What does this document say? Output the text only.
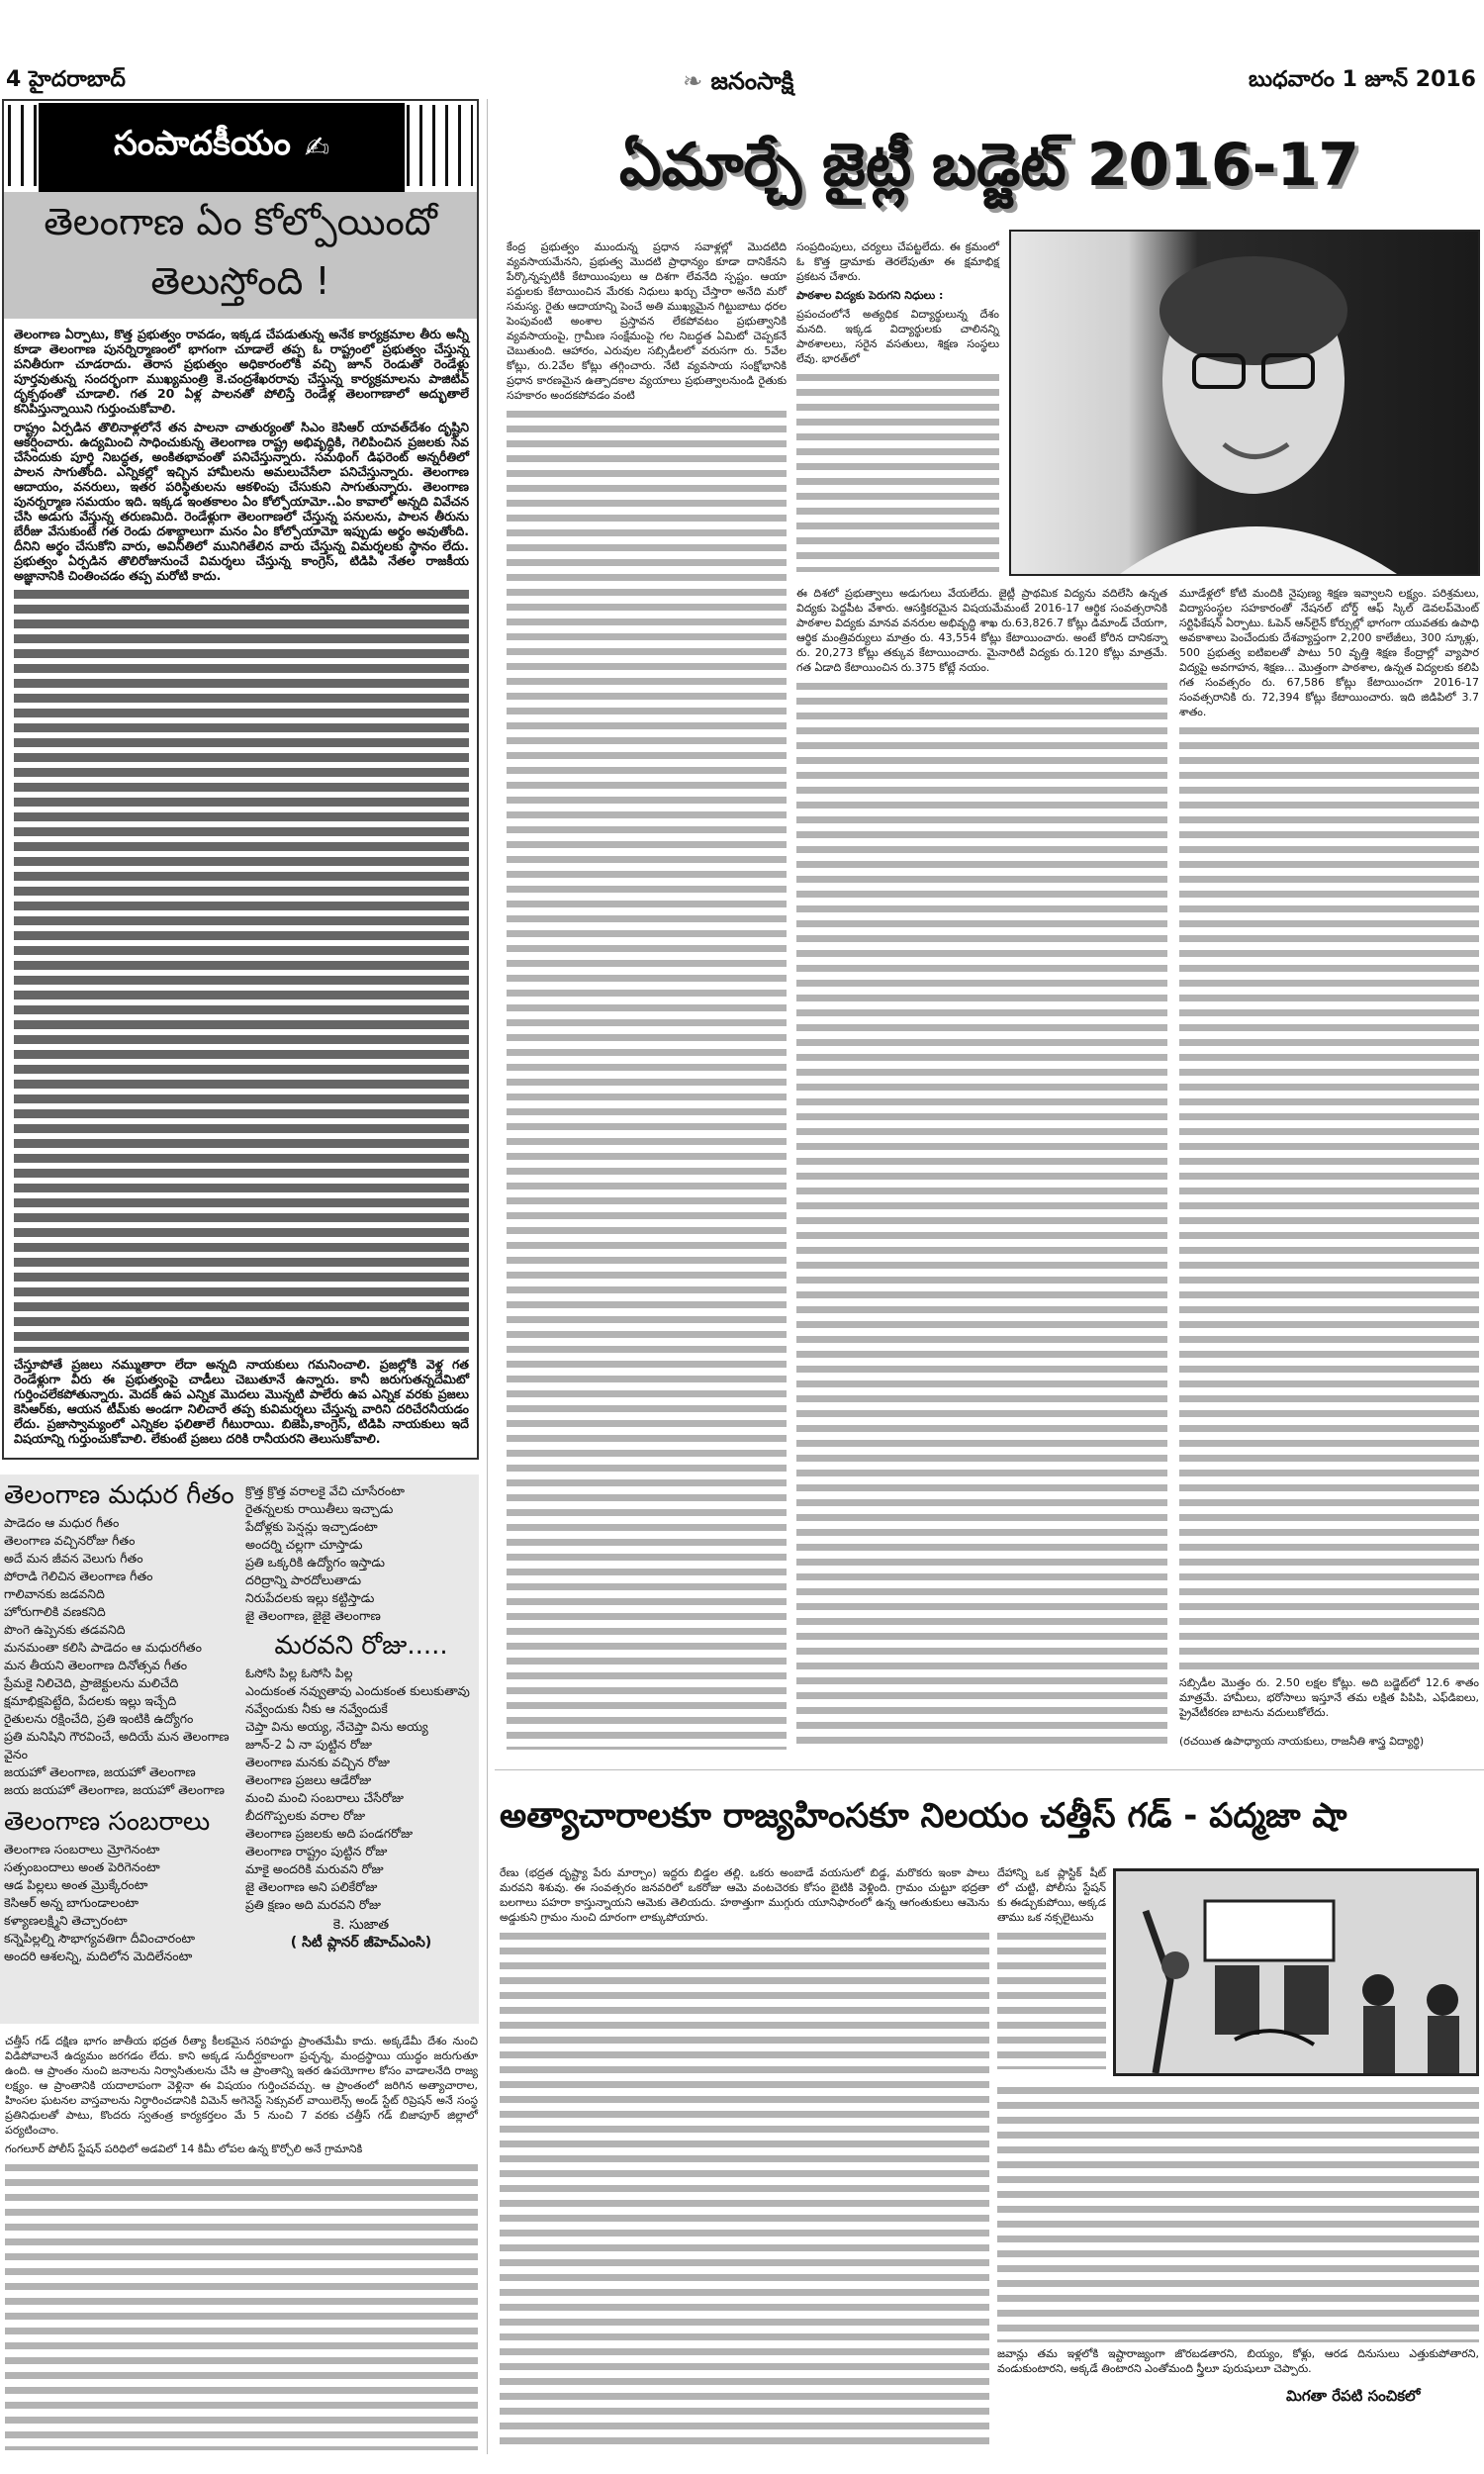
4 హైదరాబాద్	❧ జనంసాక్షి	బుధవారం 1 జూన్ 2016
సంపాదకీయం ✍
తెలంగాణ ఏం కోల్పోయిందో
తెలుస్తోంది !

తెలంగాణ ఏర్పాటు, కొత్త ప్రభుత్వం రావడం, ఇక్కడ చేపడుతున్న అనేక కార్యక్రమాల తీరు అన్నీ కూడా తెలంగాణ పునర్నిర్మాణంలో భాగంగా చూడాలే తప్ప ఓ రాష్ట్రంలో ప్రభుత్వం చేస్తున్న పనితీరుగా చూడరాదు. తెరాస ప్రభుత్వం అధికారంలోకి వచ్చి జూన్ రెండుతో రెండేళ్లు పూర్తవుతున్న సందర్భంగా ముఖ్యమంత్రి కె.చంద్రశేఖరరావు చేస్తున్న కార్యక్రమాలను పాజిటివ్ దృక్పథంతో చూడాలి. గత 20 ఏళ్ల పాలనతో పోలిస్తే రెండేళ్ల తెలంగాణాలో అద్భుతాలే కనిపిస్తున్నాయిని గుర్తుంచుకోవాలి.

రాష్ట్రం ఏర్పడిన తొలినాళ్లలోనే తన పాలనా చాతుర్యంతో సిఎం కెసిఆర్ యావత్‌దేశం దృష్టిని ఆకర్షించారు. ఉద్యమించి సాధించుకున్న తెలంగాణ రాష్ట్ర అభివృద్ధికి, గెలిపించిన ప్రజలకు సేవ చేసేందుకు పూర్తి నిబద్ధత, అంకితభావంతో పనిచేస్తున్నారు. సమథింగ్ డిఫరెంట్ అన్నరీతిలో పాలన సాగుతోంది. ఎన్నికల్లో ఇచ్చిన హామీలను అమలుచేసేలా పనిచేస్తున్నారు. తెలంగాణ ఆదాయం, వనరులు, ఇతర పరిస్థితులను ఆకళింపు చేసుకుని సాగుతున్నారు. తెలంగాణ పునర్నర్మాణ సమయం ఇది. ఇక్కడ ఇంతకాలం ఏం కోల్పోయామో..ఏం కావాలో అన్నది వివేచన చేసి అడుగు వేస్తున్న తరుణమిది. రెండేళ్లుగా తెలంగాణలో చేస్తున్న పనులను, పాలన తీరును బేరీజు వేసుకుంటే గత రెండు దశాబ్దాలుగా మనం ఏం కోల్పోయామో ఇప్పుడు అర్థం అవుతోంది. దీనిని అర్థం చేసుకోని వారు, అవినీతిలో మునిగితేలిన వారు చేస్తున్న విమర్శలకు స్థానం లేదు. ప్రభుత్వం ఏర్పడిన తొలిరోజునుంచే విమర్శలు చేస్తున్న కాంగ్రెస్, టిడిపి నేతల రాజకీయ అజ్ఞానానికి చింతించడం తప్ప మరోటి కాదు.

చేస్తూపోతే ప్రజలు నమ్ముతారా లేదా అన్నది నాయకులు గమనించాలి. ప్రజల్లోకి వెళ్ల గత రెండేళ్లుగా వీరు ఈ ప్రభుత్వంపై చాడీలు చెబుతూనే ఉన్నారు. కానీ జరుగుతన్నదేమిటో గుర్తించలేకపోతున్నారు. మెదక్ ఉప ఎన్నిక మొదలు మొన్నటి పాలేరు ఉప ఎన్నిక వరకు ప్రజలు కెసిఆర్‌కు, ఆయన టీమ్‌కు అండగా నిలిచారే తప్ప కువిమర్శలు చేస్తున్న వారిని దరిచేరనీయడం లేదు. ప్రజాస్వామ్యంలో ఎన్నికల ఫలితాలే గీటురాయి. బిజెపి,కాంగ్రెస్, టిడిపి నాయకులు ఇదే విషయాన్ని గుర్తుంచుకోవాలి. లేకుంటే ప్రజలు దరికి రానీయరని తెలుసుకోవాలి.

తెలంగాణ మధుర గీతం
పాడెదం ఆ మధుర గీతం
తెలంగాణ వచ్చినరోజు గీతం
అదే మన జీవన వెలుగు గీతం
పోరాడి గెలిచిన తెలంగాణ గీతం
గాలివానకు జడవనిది
హోరుగాలికి వణకనిది
పొంగె ఉప్పెనకు తడవనిది
మనమంతా కలిసి పాడెదం ఆ మధురగీతం
మన తీయని తెలంగాణ దినోత్సవ గీతం
ప్రేమకై నిలిచెది, ప్రాజెక్టులను మలిచేది
క్షమాభిక్షపెట్టేది, పేదలకు ఇల్లు ఇచ్చేది
రైతులను రక్షించేది, ప్రతి ఇంటికి ఉద్యోగం
ప్రతి మనిషిని గౌరవించే, అదియే మన తెలంగాణ వైనం
జయహో తెలంగాణ, జయహో తెలంగాణ
జయ జయహో తెలంగాణ, జయహో తెలంగాణ
తెలంగాణ సంబరాలు
తెలంగాణ సంబరాలు మ్రోగెనంటా
సత్సంబందాలు అంత పెరిగెనంటా
ఆడ పిల్లలు అంత మ్రొక్కేరంటా
కెసిఆర్ అన్న బాగుండాలంటా
కళ్యాణలక్ష్మిని తెచ్చారంటా
కన్నెపిల్లల్ని సౌభాగ్యవతిగా దీవించారంటా
అందరి ఆశలన్ని, మదిలోన మెదిలేనంటా
క్రొత్త క్రొత్త వరాలకై వేచి చూసేరంటా
రైతన్నలకు రాయితీలు ఇచ్చాడు
పేదోళ్లకు పెన్షన్లు ఇచ్చాడంటా
అందర్ని చల్లగా చూస్తాడు
ప్రతి ఒక్కరికి ఉద్యోగం ఇస్తాడు
దరిద్రాన్ని పారదోలుతాడు
నిరుపేదలకు ఇల్లు కట్టిస్తాడు
జై తెలంగాణ, జైజై తెలంగాణ
మరవని రోజు.....
ఓసోసి పిల్ల ఓసోసి పిల్ల
ఎందుకంత నవ్వుతావు ఎందుకంత కులుకుతావు
నవ్వేందుకు నీకు ఆ నవ్వేందుకే
చెప్తా విను అయ్య, నేచెప్తా విను అయ్య
జూన్-2 ఏ నా పుట్టిన రోజు
తెలంగాణ మనకు వచ్చిన రోజు
తెలంగాణ ప్రజలు ఆడేరోజు
మంచి మంచి సంబరాలు చేసేరోజు
బీదగొప్పలకు వరాల రోజు
తెలంగాణ ప్రజలకు అది పండగరోజు
తెలంగాణ రాష్ట్రం పుట్టిన రోజు
మాకై అందరికి మరువని రోజు
జై తెలంగాణ అని పలికేరోజు
ప్రతి క్షణం అది మరవని రోజు
కె. సుజాత
( సిటీ ప్లానర్ జీహెచ్ఎంసి)
ఏమార్చే జైట్లీ బడ్జెట్ 2016-17

కేంద్ర ప్రభుత్వం ముందున్న ప్రధాన సవాళ్లల్లో మొదటిది వ్యవసాయమేనని, ప్రభుత్వ మొదటి ప్రాధాన్యం కూడా దానికేనని పేర్కొన్నప్పటికీ కేటాయింపులు ఆ దిశగా లేవనేది స్పష్టం. ఆయా పద్దులకు కేటాయించిన మేరకు నిధులు ఖర్చు చేస్తారా అనేది మరో సమస్య. రైతు ఆదాయాన్ని పెంచే అతి ముఖ్యమైన గిట్టుబాటు ధరల పెంపువంటి అంశాల ప్రస్తావన లేకపోవటం ప్రభుత్వానికి వ్యవసాయంపై, గ్రామీణ సంక్షేమంపై గల నిబద్ధత ఏమిటో చెప్పకనే చెబుతుంది. ఆహారం, ఎరువుల సబ్సిడీలలో వరుసగా రు. 5వేల కోట్లు, రు.2వేల కోట్లు తగ్గించారు. నేటి వ్యవసాయ సంక్షోభానికి ప్రధాన కారణమైన ఉత్పాదకాల వ్యయాలు ప్రభుత్వాలనుండి రైతుకు సహకారం అందకపోవడం వంటి

సంప్రదింపులు, చర్యలు చేపట్టలేదు. ఈ క్రమంలో ఓ కొత్త డ్రామాకు తెరలేపుతూ ఈ క్షమాభిక్ష ప్రకటన చేశారు.

పాఠశాల విద్యకు పెరుగని నిధులు :

ప్రపంచంలోనే అత్యధిక విద్యార్థులున్న దేశం మనది. ఇక్కడ విద్యార్థులకు చాలినన్ని పాఠశాలలు, సరైన వసతులు, శిక్షణ సంస్థలు లేవు. భారత్‌లో

ఈ దిశలో ప్రభుత్వాలు అడుగులు వేయలేదు. జైట్లీ ప్రాథమిక విద్యను వదిలేసి ఉన్నత విద్యకు పెద్దపీట వేశారు. ఆసక్తికరమైన విషయమేమంటే 2016-17 ఆర్థిక సంవత్సరానికి పాఠశాల విద్యకు మానవ వనరుల అభివృద్ధి శాఖ రు.63,826.7 కోట్లు డిమాండ్ చేయగా, ఆర్థిక మంత్రివర్యులు మాత్రం రు. 43,554 కోట్లు కేటాయించారు. అంటే కోరిన దానికన్నా రు. 20,273 కోట్లు తక్కువ కేటాయించారు. మైనారిటీ విద్యకు రు.120 కోట్లు మాత్రమే. గత ఏడాది కేటాయించిన రు.375 కోట్లే నయం.

మూడేళ్లలో కోటి మందికి నైపుణ్య శిక్షణ ఇవ్వాలని లక్ష్యం. పరిశ్రమలు, విద్యాసంస్థల సహకారంతో నేషనల్ బోర్డ్ ఆఫ్ స్కిల్ డెవలప్‌మెంట్ సర్టిఫికేషన్ ఏర్పాటు. ఓపెన్ ఆన్‌లైన్ కోర్సుల్లో భాగంగా యువతకు ఉపాధి అవకాశాలు పెంచేందుకు దేశవ్యాప్తంగా 2,200 కాలేజీలు, 300 స్కూళ్లు, 500 ప్రభుత్వ ఐటిఐలతో పాటు 50 వృత్తి శిక్షణ కేంద్రాల్లో వ్యాపార విద్యపై అవగాహన, శిక్షణ... మొత్తంగా పాఠశాల, ఉన్నత విద్యలకు కలిపి గత సంవత్సరం రు. 67,586 కోట్లు కేటాయించగా 2016-17 సంవత్సరానికి రు. 72,394 కోట్లు కేటాయించారు. ఇది జిడిపిలో 3.7 శాతం.

సబ్సిడీల మొత్తం రు. 2.50 లక్షల కోట్లు. అది బడ్జెట్‌లో 12.6 శాతం మాత్రమే. హామీలు, భరోసాలు ఇస్తూనే తమ లక్షిత పిపిపి, ఎఫ్‌డిఐలు, ప్రైవేటీకరణ బాటను వదులుకోలేదు.

(రచయిత ఉపాధ్యాయ నాయకులు, రాజనీతి శాస్త్ర విద్యార్థి)
అత్యాచారాలకూ రాజ్యహింసకూ నిలయం చత్తీస్ గడ్ - పద్మజా షా

చత్తీస్ గడ్ దక్షిణ భాగం జాతీయ భద్రత రీత్యా కీలకమైన సరిహద్దు ప్రాంతమేమీ కాదు. అక్కడేమీ దేశం నుంచి విడిపోవాలనే ఉద్యమం జరగడం లేదు. కాని అక్కడ సుదీర్ఘకాలంగా ప్రచ్ఛన్న, మంద్రస్థాయి యుద్ధం జరుగుతూ ఉంది. ఆ ప్రాంతం నుంచి జనాలను నిర్వాసితులను చేసి ఆ ప్రాంతాన్ని ఇతర ఉపయోగాల కోసం వాడాలనేది రాజ్య లక్ష్యం. ఆ ప్రాంతానికి యదాలాపంగా వెళ్లినా ఈ విషయం గుర్తించవచ్చు. ఆ ప్రాంతంలో జరిగిన అత్యాచారాల, హింసల ఘటనల వాస్తవాలను నిర్ధారించడానికి విమెన్ అగెనెస్ట్ సెక్సువల్ వాయిలెన్స్ అండ్ స్టేట్ రిప్రెషన్ అనే సంస్థ ప్రతినిధులతో పాటు, కొందరు స్వతంత్ర కార్యకర్తలం మే 5 నుంచి 7 వరకు చత్తీస్ గడ్ బిజాపూర్ జిల్లాలో పర్యటించాం.

గంగలూర్ పోలీస్ స్టేషన్ పరిధిలో అడవిలో 14 కిమీ లోపల ఉన్న కొర్చోలి అనే గ్రామానికి

రేణు (భద్రత దృష్ట్యా పేరు మార్చాం) ఇద్దరు బిడ్డల తల్లి. ఒకరు అంబాడే వయసులో బిడ్డ, మరొకరు ఇంకా పాలు మరవని శిశువు. ఈ సంవత్సరం జనవరిలో ఒకరోజు ఆమె వంటచెరకు కోసం బైటికి వెళ్లింది. గ్రామం చుట్టూ భద్రతా బలగాలు పహరా కాస్తున్నాయని ఆమెకు తెలియదు. హఠాత్తుగా ముగ్గురు యూనిఫారంలో ఉన్న ఆగంతుకులు ఆమెను అడ్డుకుని గ్రామం నుంచి దూరంగా లాక్కుపోయారు.

దేహాన్ని ఒక ప్లాస్టిక్ షీట్ లో చుట్టి, పోలీసు స్టేషన్ కు ఈడ్చుకుపోయి, అక్కడ తాము ఒక నక్సలైటును

జవాన్లు తమ ఇళ్లలోకి ఇష్టారాజ్యంగా జొరబడతారని, బియ్యం, కోళ్లు, ఆరడ దినుసులు ఎత్తుకుపోతారని, వండుకుంటారని, అక్కడే తింటారని ఎంతోమంది స్త్రీలూ పురుషులూ చెప్పారు.

మిగతా రేపటి సంచికలో
